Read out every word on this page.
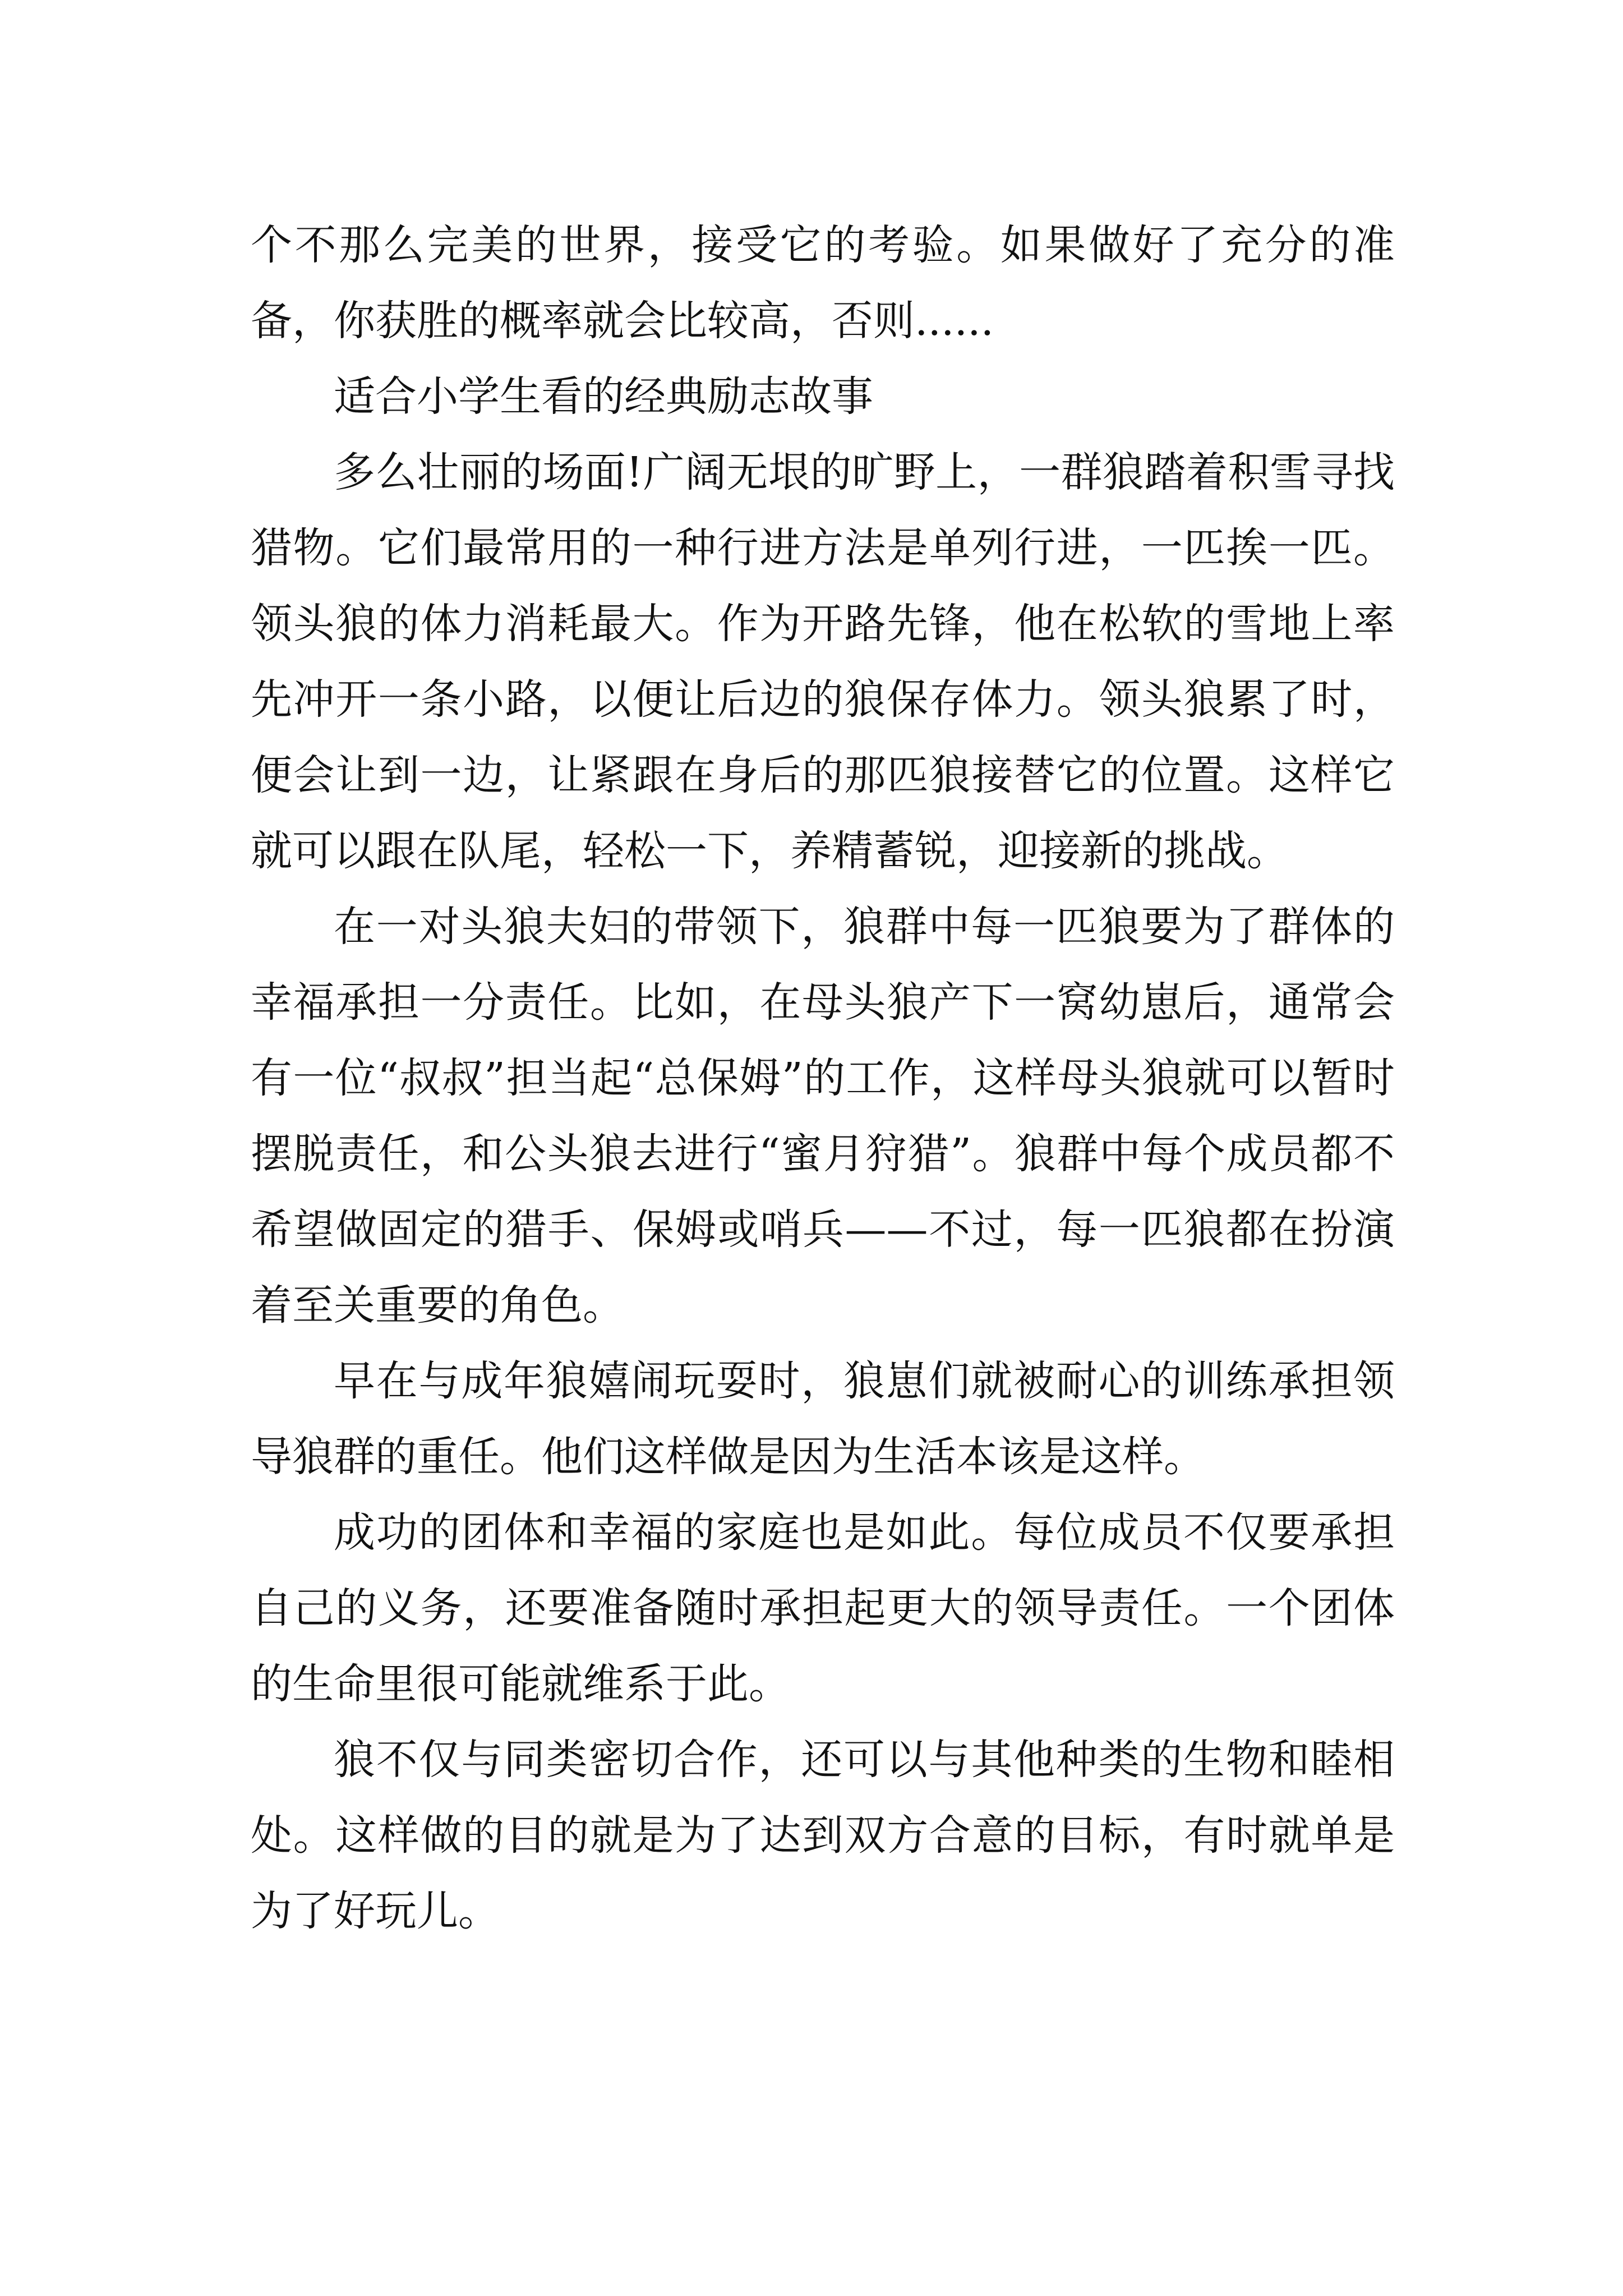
个不那么完美的世界，接受它的考验。如果做好了充分的准备，你获胜的概率就会比较高，否则......

适合小学生看的经典励志故事

多么壮丽的场面!广阔无垠的旷野上，一群狼踏着积雪寻找猎物。它们最常用的一种行进方法是单列行进，一匹挨一匹。领头狼的体力消耗最大。作为开路先锋，他在松软的雪地上率先冲开一条小路，以便让后边的狼保存体力。领头狼累了时，便会让到一边，让紧跟在身后的那匹狼接替它的位置。这样它就可以跟在队尾，轻松一下，养精蓄锐，迎接新的挑战。

在一对头狼夫妇的带领下，狼群中每一匹狼要为了群体的幸福承担一分责任。比如，在母头狼产下一窝幼崽后，通常会有一位“叔叔”担当起“总保姆”的工作，这样母头狼就可以暂时摆脱责任，和公头狼去进行“蜜月狩猎”。狼群中每个成员都不希望做固定的猎手、保姆或哨兵——不过，每一匹狼都在扮演着至关重要的角色。

早在与成年狼嬉闹玩耍时，狼崽们就被耐心的训练承担领导狼群的重任。他们这样做是因为生活本该是这样。

成功的团体和幸福的家庭也是如此。每位成员不仅要承担自己的义务，还要准备随时承担起更大的领导责任。一个团体的生命里很可能就维系于此。

狼不仅与同类密切合作，还可以与其他种类的生物和睦相处。这样做的目的就是为了达到双方合意的目标，有时就单是为了好玩儿。
